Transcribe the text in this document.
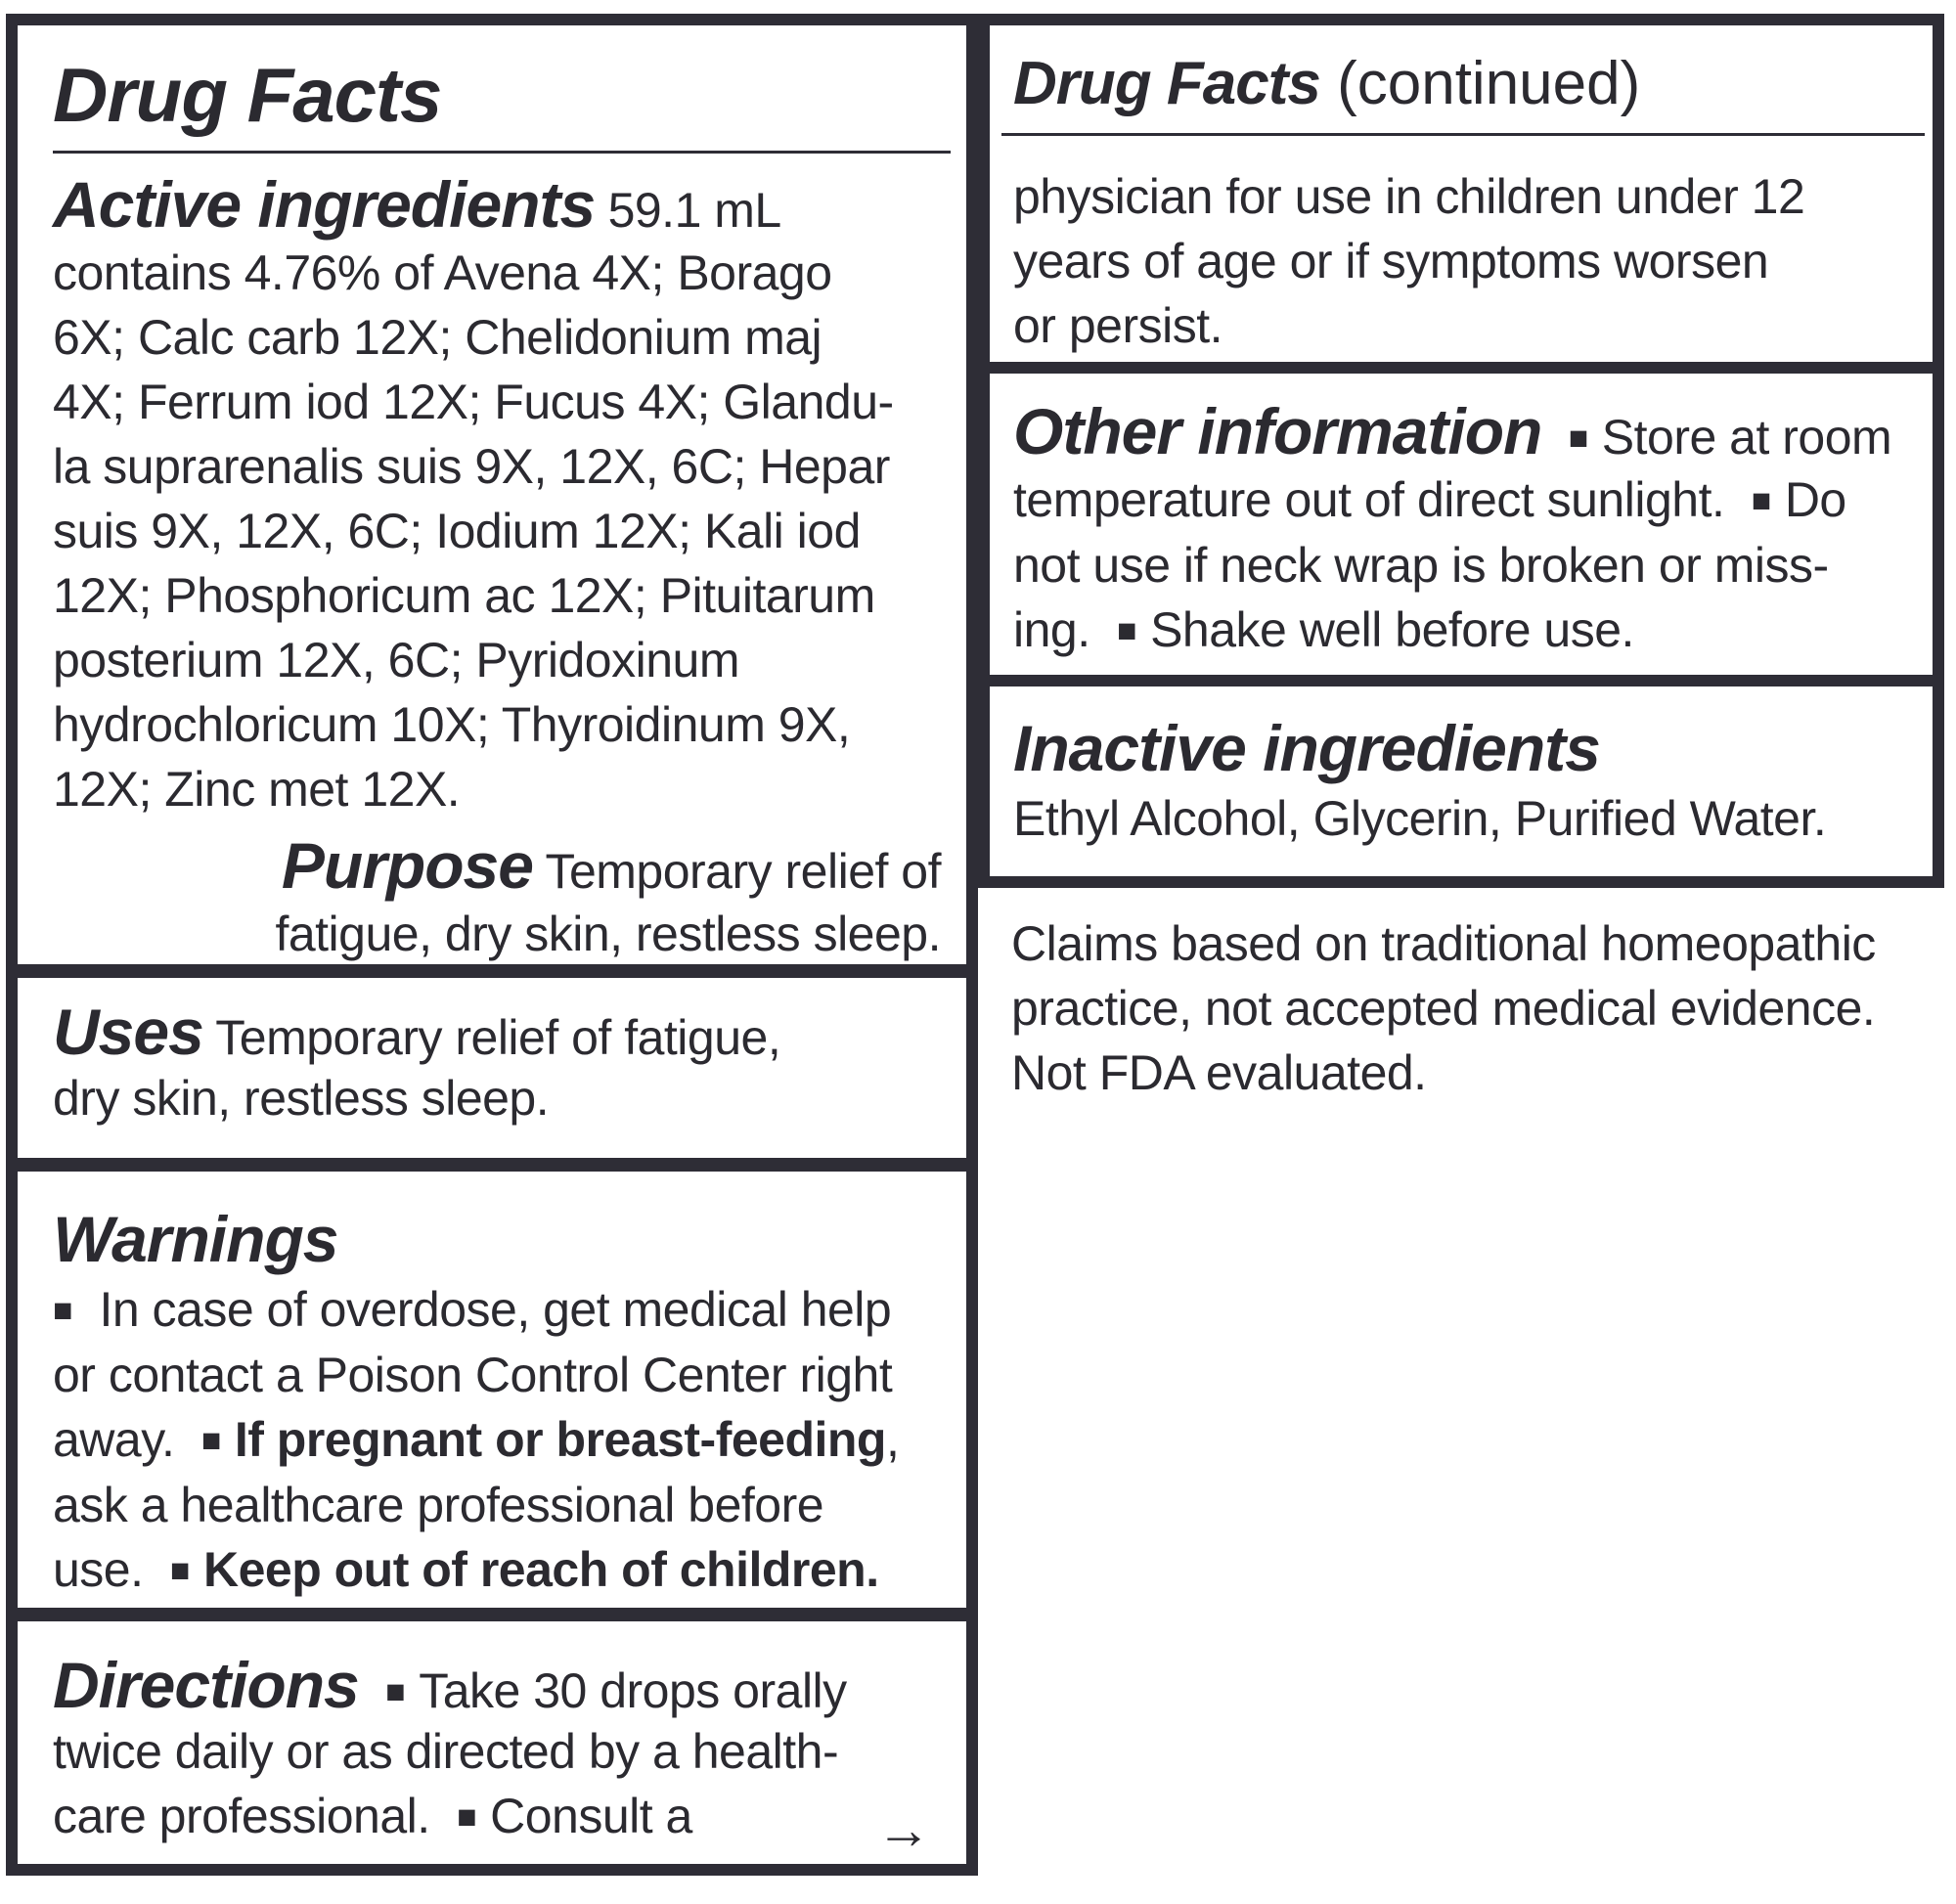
Drug Facts
Active ingredients 59.1 mL
contains 4.76% of Avena 4X; Borago
6X; Calc carb 12X; Chelidonium maj
4X; Ferrum iod 12X; Fucus 4X; Glandu-
la suprarenalis suis 9X, 12X, 6C; Hepar
suis 9X, 12X, 6C; Iodium 12X; Kali iod
12X; Phosphoricum ac 12X; Pituitarum
posterium 12X, 6C; Pyridoxinum
hydrochloricum 10X; Thyroidinum 9X,
12X; Zinc met 12X.
Purpose Temporary relief of
fatigue, dry skin, restless sleep.
Uses Temporary relief of fatigue,
dry skin, restless sleep.
Warnings
■ In case of overdose, get medical help
or contact a Poison Control Center right
away. ■ If pregnant or breast-feeding,
ask a healthcare professional before
use. ■ Keep out of reach of children.
Directions ■ Take 30 drops orally
twice daily or as directed by a health-
care professional. ■ Consult a	→
Drug Facts (continued)
physician for use in children under 12
years of age or if symptoms worsen
or persist.
Other information ■ Store at room
temperature out of direct sunlight. ■ Do
not use if neck wrap is broken or miss-
ing. ■ Shake well before use.
Inactive ingredients
Ethyl Alcohol, Glycerin, Purified Water.
Claims based on traditional homeopathic
practice, not accepted medical evidence.
Not FDA evaluated.
